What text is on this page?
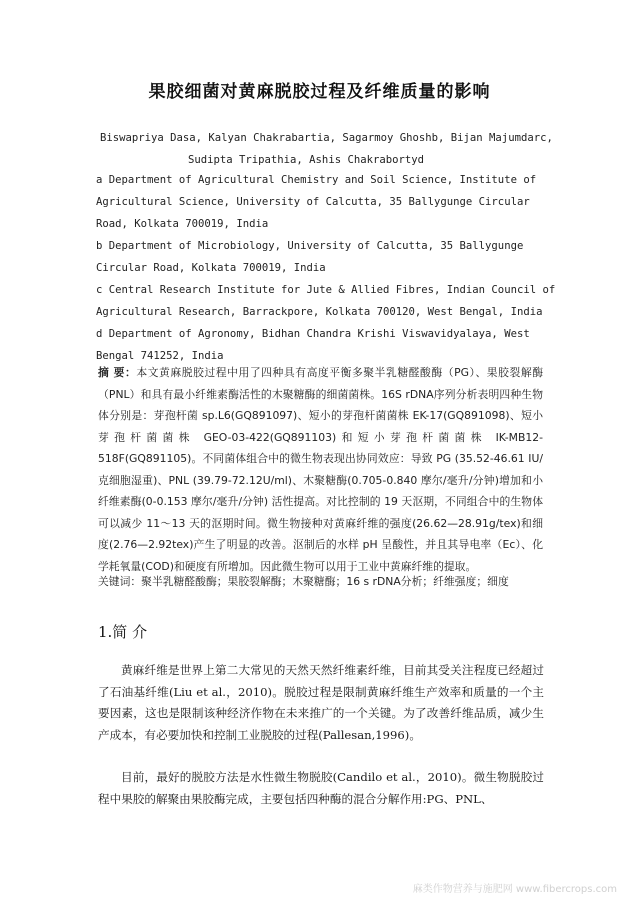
果胶细菌对黄麻脱胶过程及纤维质量的影响
Biswapriya Dasa, Kalyan Chakrabartia, Sagarmoy Ghoshb, Bijan Majumdarc,
Sudipta Tripathia, Ashis Chakrabortyd
a Department of Agricultural Chemistry and Soil Science, Institute of Agricultural Science, University of Calcutta, 35 Ballygunge Circular Road, Kolkata 700019, India
b Department of Microbiology, University of Calcutta, 35 Ballygunge Circular Road, Kolkata 700019, India
c Central Research Institute for Jute & Allied Fibres, Indian Council of Agricultural Research, Barrackpore, Kolkata 700120, West Bengal, India
d Department of Agronomy, Bidhan Chandra Krishi Viswavidyalaya, West Bengal 741252, India
摘 要：本文黄麻脱胶过程中用了四种具有高度平衡多聚半乳糖醛酸酶（PG）、果胶裂解酶（PNL）和具有最小纤维素酶活性的木聚糖酶的细菌菌株。16S rDNA序列分析表明四种生物体分别是：芽孢杆菌 sp.L6(GQ891097)、短小的芽孢杆菌菌株 EK-17(GQ891098)、短小芽孢杆菌菌株 GEO-03-422(GQ891103)和短小芽孢杆菌菌株 IK-MB12-518F(GQ891105)。不同菌体组合中的微生物表现出协同效应：导致 PG (35.52-46.61 IU/克细胞湿重)、PNL (39.79-72.12U/ml)、木聚糖酶(0.705-0.840 摩尔/毫升/分钟)增加和小纤维素酶(0-0.153 摩尔/毫升/分钟) 活性提高。对比控制的 19 天沤期，不同组合中的生物体可以减少 11～13 天的沤期时间。微生物接种对黄麻纤维的强度(26.62—28.91g/tex)和细度(2.76—2.92tex)产生了明显的改善。沤制后的水样 pH 呈酸性，并且其导电率（Ec）、化学耗氧量(COD)和硬度有所增加。因此微生物可以用于工业中黄麻纤维的提取。
关键词：聚半乳糖醛酸酶；果胶裂解酶；木聚糖酶；16 s rDNA分析；纤维强度；细度
1.简 介
黄麻纤维是世界上第二大常见的天然天然纤维素纤维，目前其受关注程度已经超过了石油基纤维(Liu et al.，2010)。脱胶过程是限制黄麻纤维生产效率和质量的一个主要因素，这也是限制该种经济作物在未来推广的一个关键。为了改善纤维品质，减少生产成本，有必要加快和控制工业脱胶的过程(Pallesan,1996)。
目前，最好的脱胶方法是水性微生物脱胶(Candilo et al.，2010)。微生物脱胶过程中果胶的解聚由果胶酶完成，主要包括四种酶的混合分解作用:PG、PNL、
麻类作物营养与施肥网 www.fibercrops.com
